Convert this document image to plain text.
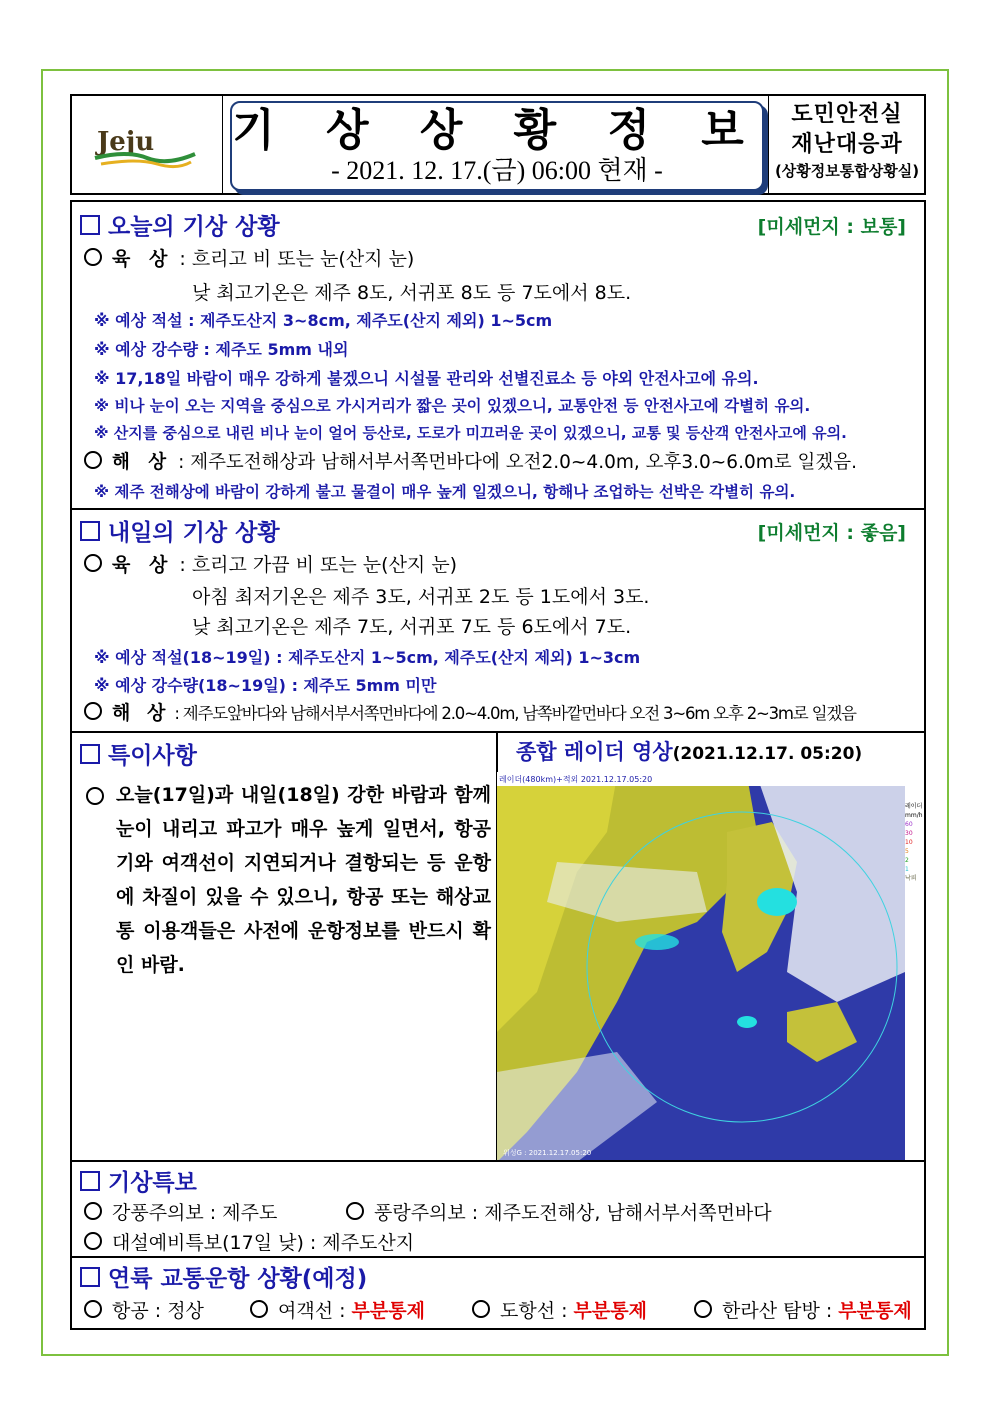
Jeju 기 상 상 황 정 보
- 2021. 12. 17.(금) 06:00 현재 -
도민안전실
재난대응과
(상황정보통합상황실)
오늘의 기상 상황	[미세먼지 : 보통]
육 상 : 흐리고 비 또는 눈(산지 눈)
낮 최고기온은 제주 8도, 서귀포 8도 등 7도에서 8도.
※ 예상 적설 : 제주도산지 3~8cm, 제주도(산지 제외) 1~5cm
※ 예상 강수량 : 제주도 5mm 내외
※ 17,18일 바람이 매우 강하게 불겠으니 시설물 관리와 선별진료소 등 야외 안전사고에 유의.
※ 비나 눈이 오는 지역을 중심으로 가시거리가 짧은 곳이 있겠으니, 교통안전 등 안전사고에 각별히 유의.
※ 산지를 중심으로 내린 비나 눈이 얼어 등산로, 도로가 미끄러운 곳이 있겠으니, 교통 및 등산객 안전사고에 유의.
해 상 : 제주도전해상과 남해서부서쪽먼바다에 오전2.0~4.0m, 오후3.0~6.0m로 일겠음.
※ 제주 전해상에 바람이 강하게 불고 물결이 매우 높게 일겠으니, 항해나 조업하는 선박은 각별히 유의.
내일의 기상 상황	[미세먼지 : 좋음]
육 상 : 흐리고 가끔 비 또는 눈(산지 눈)
아침 최저기온은 제주 3도, 서귀포 2도 등 1도에서 3도.
낮 최고기온은 제주 7도, 서귀포 7도 등 6도에서 7도.
※ 예상 적설(18~19일) : 제주도산지 1~5cm, 제주도(산지 제외) 1~3cm
※ 예상 강수량(18~19일) : 제주도 5mm 미만
해 상 : 제주도앞바다와 남해서부서쪽먼바다에 2.0~4.0m, 남쪽바깥먼바다 오전 3~6m 오후 2~3m로 일겠음
특이사항	종합 레이더 영상(2021.12.17. 05:20)
오늘(17일)과 내일(18일) 강한 바람과 함께 눈이 내리고 파고가 매우 높게 일면서, 항공기와 여객선이 지연되거나 결항되는 등 운항에 차질이 있을 수 있으니, 항공 또는 해상교통 이용객들은 사전에 운항정보를 반드시 확인 바람.
레이더(480km)+적외 2021.12.17.05:20
위성G : 2021.12.17.05:20
레이더
mm/h
60
30
10
5
2
1
낙뢰
기상특보
강풍주의보 : 제주도	풍랑주의보 : 제주도전해상, 남해서부서쪽먼바다
대설예비특보(17일 낮) : 제주도산지
연륙 교통운항 상황(예정)
항공 : 정상	여객선 : 부분통제	도항선 : 부분통제	한라산 탐방 : 부분통제
